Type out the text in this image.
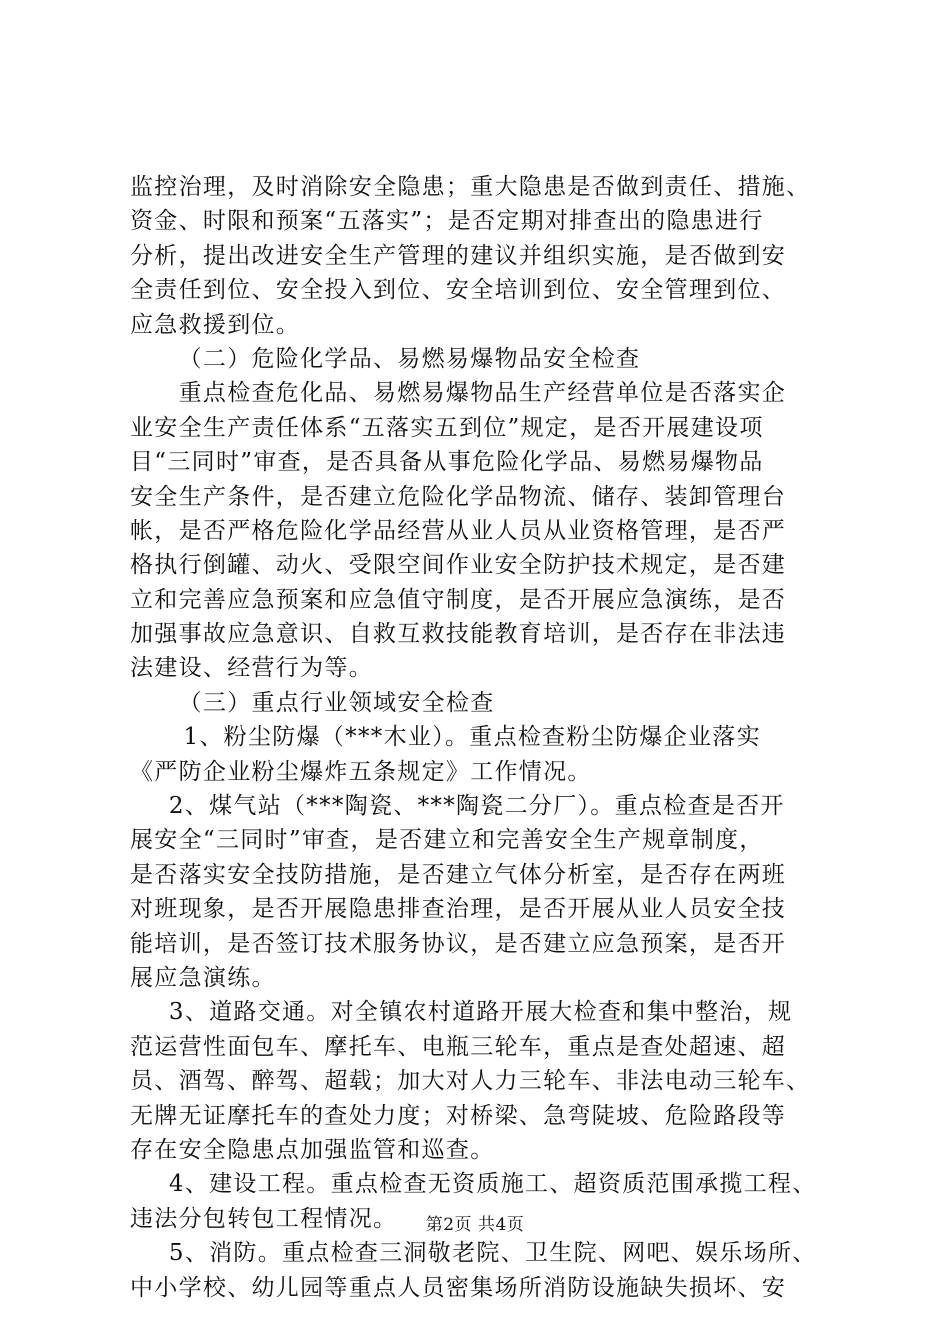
监控治理，及时消除安全隐患；重大隐患是否做到责任、措施、
资金、时限和预案“五落实”；是否定期对排查出的隐患进行
分析，提出改进安全生产管理的建议并组织实施，是否做到安
全责任到位、安全投入到位、安全培训到位、安全管理到位、
应急救援到位。
（二）危险化学品、易燃易爆物品安全检查
重点检查危化品、易燃易爆物品生产经营单位是否落实企
业安全生产责任体系“五落实五到位”规定，是否开展建设项
目“三同时”审查，是否具备从事危险化学品、易燃易爆物品
安全生产条件，是否建立危险化学品物流、储存、装卸管理台
帐，是否严格危险化学品经营从业人员从业资格管理，是否严
格执行倒罐、动火、受限空间作业安全防护技术规定，是否建
立和完善应急预案和应急值守制度，是否开展应急演练，是否
加强事故应急意识、自救互救技能教育培训，是否存在非法违
法建设、经营行为等。
（三）重点行业领域安全检查
1、粉尘防爆（***木业）。重点检查粉尘防爆企业落实
《严防企业粉尘爆炸五条规定》工作情况。
2、煤气站（***陶瓷、***陶瓷二分厂）。重点检查是否开
展安全“三同时”审查，是否建立和完善安全生产规章制度，
是否落实安全技防措施，是否建立气体分析室，是否存在两班
对班现象，是否开展隐患排查治理，是否开展从业人员安全技
能培训，是否签订技术服务协议，是否建立应急预案，是否开
展应急演练。
3、道路交通。对全镇农村道路开展大检查和集中整治，规
范运营性面包车、摩托车、电瓶三轮车，重点是查处超速、超
员、酒驾、醉驾、超载；加大对人力三轮车、非法电动三轮车、
无牌无证摩托车的查处力度；对桥梁、急弯陡坡、危险路段等
存在安全隐患点加强监管和巡查。
4、建设工程。重点检查无资质施工、超资质范围承揽工程、
违法分包转包工程情况。
5、消防。重点检查三洞敬老院、卫生院、网吧、娱乐场所、
中小学校、幼儿园等重点人员密集场所消防设施缺失损坏、安
第2页 共4页
